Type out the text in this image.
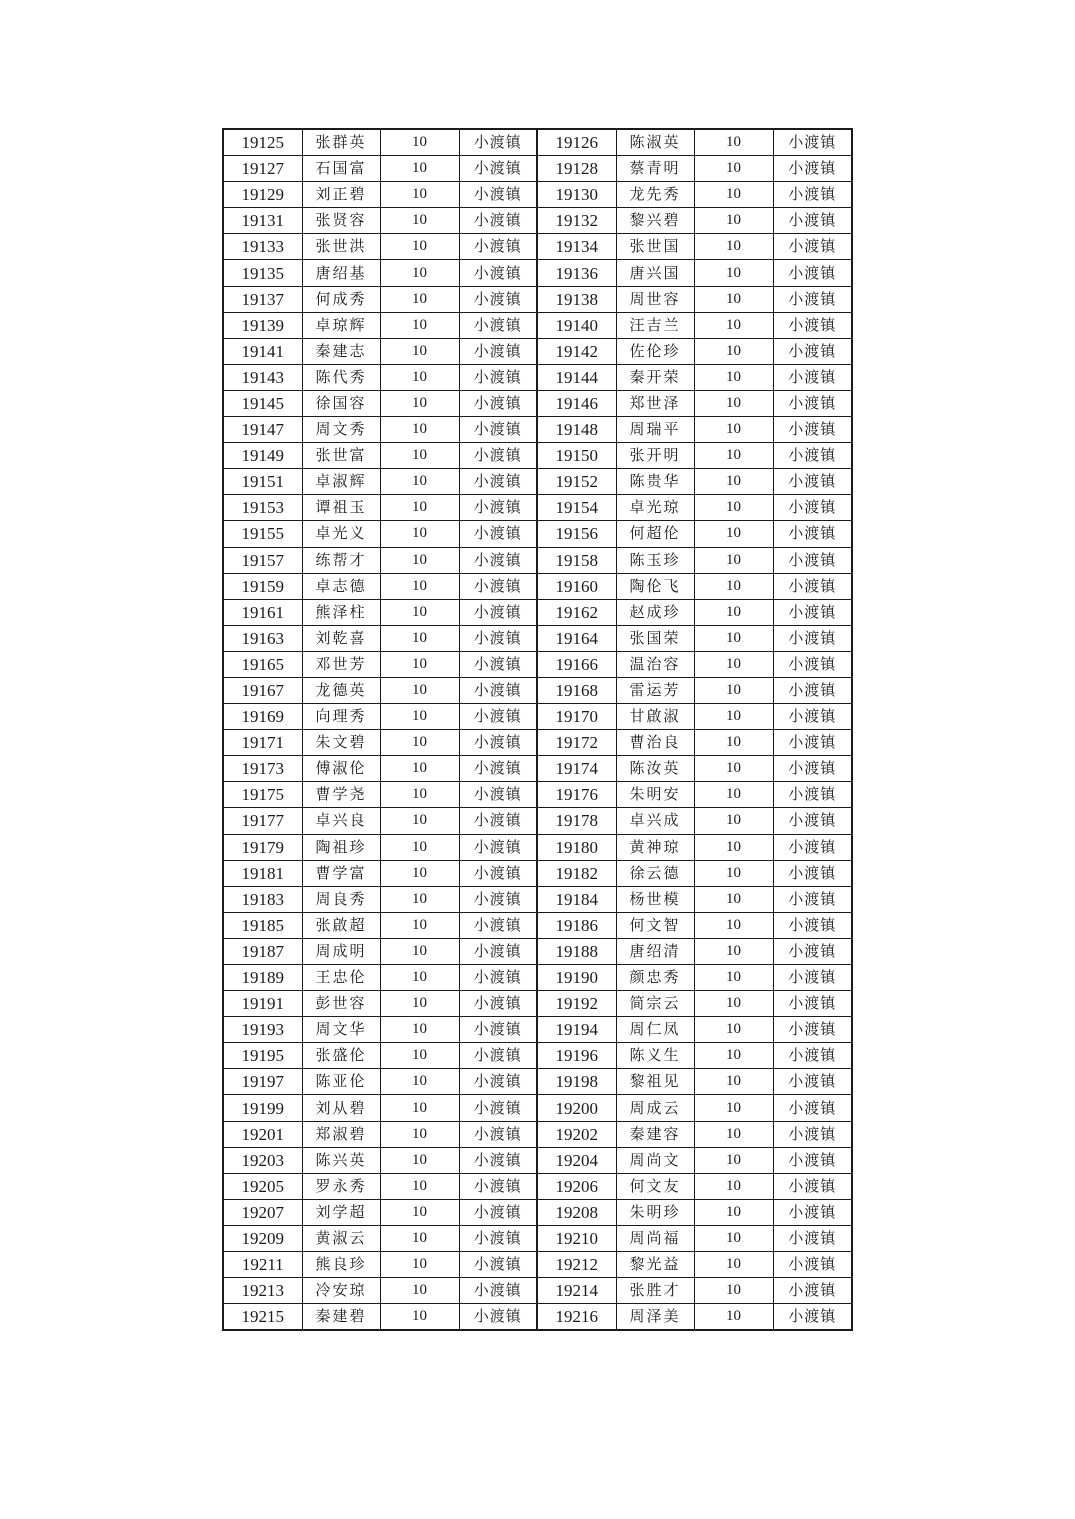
19125	张群英	10	小渡镇	19126	陈淑英	10	小渡镇
19127	石国富	10	小渡镇	19128	蔡青明	10	小渡镇
19129	刘正碧	10	小渡镇	19130	龙先秀	10	小渡镇
19131	张贤容	10	小渡镇	19132	黎兴碧	10	小渡镇
19133	张世洪	10	小渡镇	19134	张世国	10	小渡镇
19135	唐绍基	10	小渡镇	19136	唐兴国	10	小渡镇
19137	何成秀	10	小渡镇	19138	周世容	10	小渡镇
19139	卓琼辉	10	小渡镇	19140	汪吉兰	10	小渡镇
19141	秦建志	10	小渡镇	19142	佐伦珍	10	小渡镇
19143	陈代秀	10	小渡镇	19144	秦开荣	10	小渡镇
19145	徐国容	10	小渡镇	19146	郑世泽	10	小渡镇
19147	周文秀	10	小渡镇	19148	周瑞平	10	小渡镇
19149	张世富	10	小渡镇	19150	张开明	10	小渡镇
19151	卓淑辉	10	小渡镇	19152	陈贵华	10	小渡镇
19153	谭祖玉	10	小渡镇	19154	卓光琼	10	小渡镇
19155	卓光义	10	小渡镇	19156	何超伦	10	小渡镇
19157	练帮才	10	小渡镇	19158	陈玉珍	10	小渡镇
19159	卓志德	10	小渡镇	19160	陶伦飞	10	小渡镇
19161	熊泽柱	10	小渡镇	19162	赵成珍	10	小渡镇
19163	刘乾喜	10	小渡镇	19164	张国荣	10	小渡镇
19165	邓世芳	10	小渡镇	19166	温治容	10	小渡镇
19167	龙德英	10	小渡镇	19168	雷运芳	10	小渡镇
19169	向理秀	10	小渡镇	19170	甘啟淑	10	小渡镇
19171	朱文碧	10	小渡镇	19172	曹治良	10	小渡镇
19173	傅淑伦	10	小渡镇	19174	陈汝英	10	小渡镇
19175	曹学尧	10	小渡镇	19176	朱明安	10	小渡镇
19177	卓兴良	10	小渡镇	19178	卓兴成	10	小渡镇
19179	陶祖珍	10	小渡镇	19180	黄神琼	10	小渡镇
19181	曹学富	10	小渡镇	19182	徐云德	10	小渡镇
19183	周良秀	10	小渡镇	19184	杨世模	10	小渡镇
19185	张啟超	10	小渡镇	19186	何文智	10	小渡镇
19187	周成明	10	小渡镇	19188	唐绍清	10	小渡镇
19189	王忠伦	10	小渡镇	19190	颜忠秀	10	小渡镇
19191	彭世容	10	小渡镇	19192	简宗云	10	小渡镇
19193	周文华	10	小渡镇	19194	周仁凤	10	小渡镇
19195	张盛伦	10	小渡镇	19196	陈义生	10	小渡镇
19197	陈亚伦	10	小渡镇	19198	黎祖见	10	小渡镇
19199	刘从碧	10	小渡镇	19200	周成云	10	小渡镇
19201	郑淑碧	10	小渡镇	19202	秦建容	10	小渡镇
19203	陈兴英	10	小渡镇	19204	周尚文	10	小渡镇
19205	罗永秀	10	小渡镇	19206	何文友	10	小渡镇
19207	刘学超	10	小渡镇	19208	朱明珍	10	小渡镇
19209	黄淑云	10	小渡镇	19210	周尚福	10	小渡镇
19211	熊良珍	10	小渡镇	19212	黎光益	10	小渡镇
19213	冷安琼	10	小渡镇	19214	张胜才	10	小渡镇
19215	秦建碧	10	小渡镇	19216	周泽美	10	小渡镇
